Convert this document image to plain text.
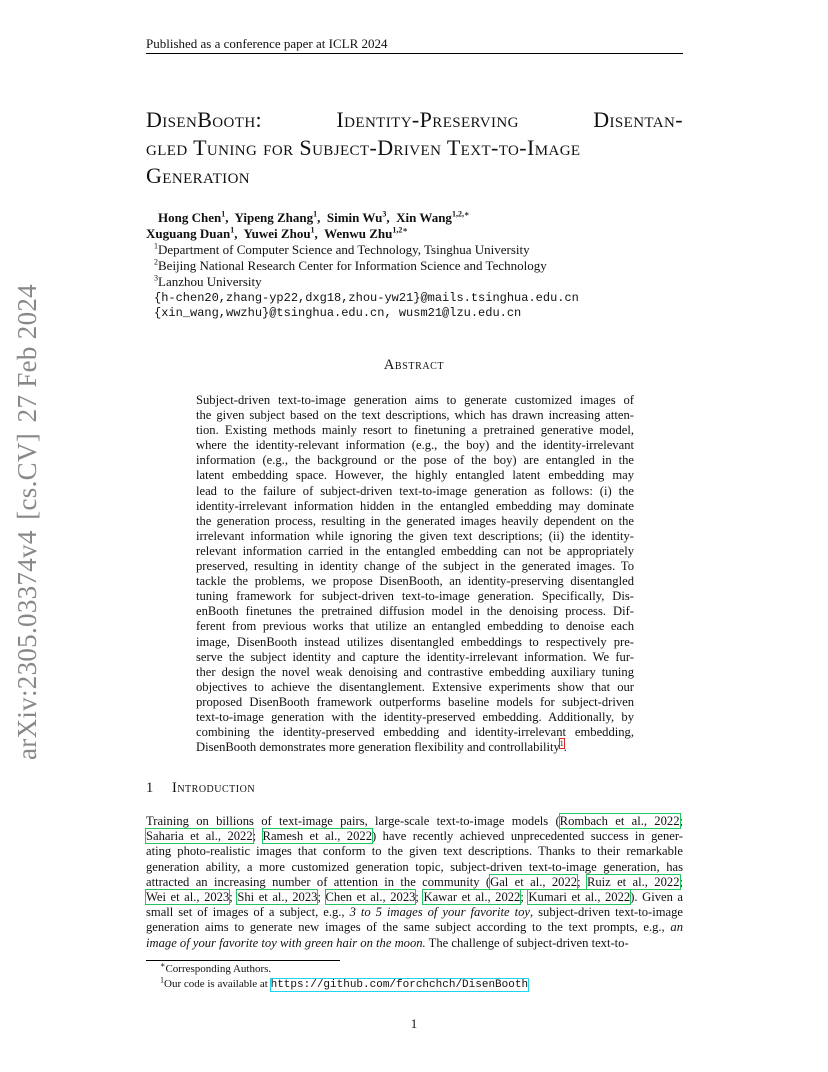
Published as a conference paper at ICLR 2024
arXiv:2305.03374v4
[cs.CV]
27 Feb 2024
DisenBooth:	Identity-Preserving	Disentan-
gled Tuning for Subject-Driven Text-to-Image
Generation
Hong Chen$^1$,  Yipeng Zhang$^1$,  Simin Wu$^3$,  Xin Wang$^{1,2,∗}$
Xuguang Duan$^1$,  Yuwei Zhou$^1$,  Wenwu Zhu$^{1,2∗}$
$^1$Department of Computer Science and Technology, Tsinghua University
$^2$Beijing National Research Center for Information Science and Technology
$^3$Lanzhou University
{h-chen20,zhang-yp22,dxg18,zhou-yw21}@mails.tsinghua.edu.cn
{xin_wang,wwzhu}@tsinghua.edu.cn, wusm21@lzu.edu.cn
Abstract
Subject-driven text-to-image generation aims to generate customized images of
the given subject based on the text descriptions, which has drawn increasing atten-
tion. Existing methods mainly resort to finetuning a pretrained generative model,
where the identity-relevant information (e.g., the boy) and the identity-irrelevant
information (e.g., the background or the pose of the boy) are entangled in the
latent embedding space. However, the highly entangled latent embedding may
lead to the failure of subject-driven text-to-image generation as follows: (i) the
identity-irrelevant information hidden in the entangled embedding may dominate
the generation process, resulting in the generated images heavily dependent on the
irrelevant information while ignoring the given text descriptions; (ii) the identity-
relevant information carried in the entangled embedding can not be appropriately
preserved, resulting in identity change of the subject in the generated images. To
tackle the problems, we propose DisenBooth, an identity-preserving disentangled
tuning framework for subject-driven text-to-image generation. Specifically, Dis-
enBooth finetunes the pretrained diffusion model in the denoising process. Dif-
ferent from previous works that utilize an entangled embedding to denoise each
image, DisenBooth instead utilizes disentangled embeddings to respectively pre-
serve the subject identity and capture the identity-irrelevant information. We fur-
ther design the novel weak denoising and contrastive embedding auxiliary tuning
objectives to achieve the disentanglement. Extensive experiments show that our
proposed DisenBooth framework outperforms baseline models for subject-driven
text-to-image generation with the identity-preserved embedding. Additionally, by
combining the identity-preserved embedding and identity-irrelevant embedding,
DisenBooth demonstrates more generation flexibility and controllability$^1$.
1 Introduction
Training on billions of text-image pairs, large-scale text-to-image models (Rombach et al., 2022;
Saharia et al., 2022; Ramesh et al., 2022) have recently achieved unprecedented success in gener-
ating photo-realistic images that conform to the given text descriptions. Thanks to their remarkable
generation ability, a more customized generation topic, subject-driven text-to-image generation, has
attracted an increasing number of attention in the community (Gal et al., 2022; Ruiz et al., 2022;
Wei et al., 2023; Shi et al., 2023; Chen et al., 2023; Kawar et al., 2022; Kumari et al., 2022). Given a
small set of images of a subject, e.g., 3 to 5 images of your favorite toy, subject-driven text-to-image
generation aims to generate new images of the same subject according to the text prompts, e.g., an
image of your favorite toy with green hair on the moon. The challenge of subject-driven text-to-
∗Corresponding Authors.
$^1$Our code is available at https://github.com/forchchch/DisenBooth
1
